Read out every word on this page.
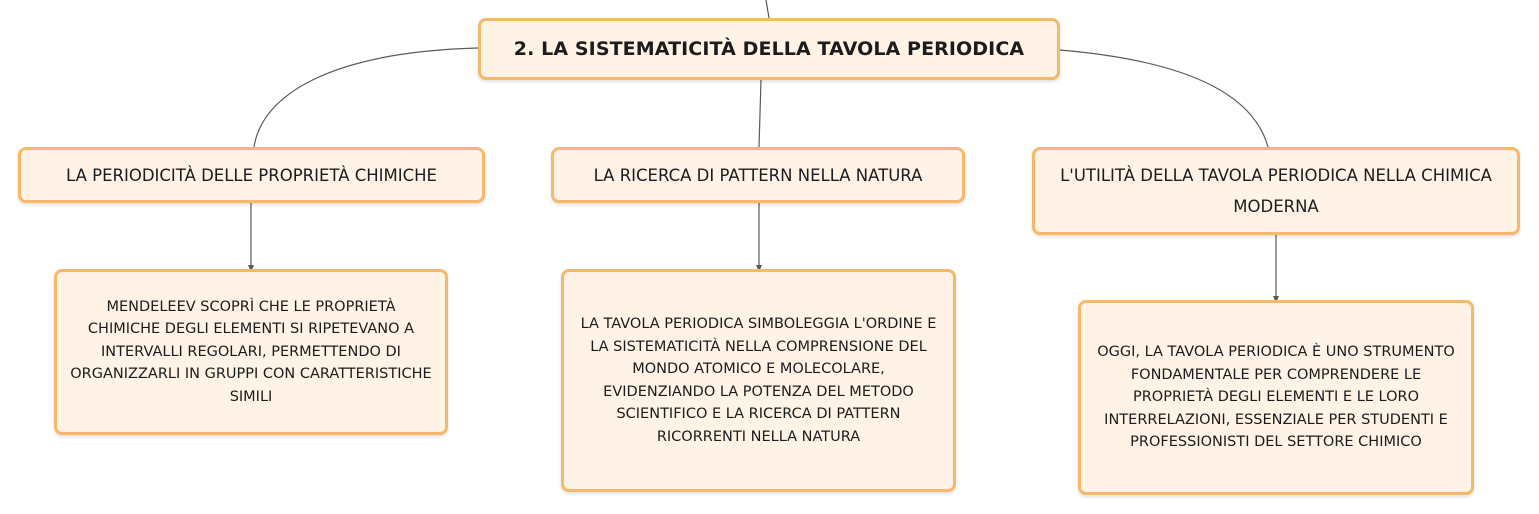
2. LA SISTEMATICITÀ DELLA TAVOLA PERIODICA
LA PERIODICITÀ DELLE PROPRIETÀ CHIMICHE	LA RICERCA DI PATTERN NELLA NATURA	L'UTILITÀ DELLA TAVOLA PERIODICA NELLA CHIMICA MODERNA
MENDELEEV SCOPRÌ CHE LE PROPRIETÀ CHIMICHE DEGLI ELEMENTI SI RIPETEVANO A INTERVALLI REGOLARI, PERMETTENDO DI ORGANIZZARLI IN GRUPPI CON CARATTERISTICHE SIMILI
LA TAVOLA PERIODICA SIMBOLEGGIA L'ORDINE E LA SISTEMATICITÀ NELLA COMPRENSIONE DEL MONDO ATOMICO E MOLECOLARE, EVIDENZIANDO LA POTENZA DEL METODO SCIENTIFICO E LA RICERCA DI PATTERN RICORRENTI NELLA NATURA
OGGI, LA TAVOLA PERIODICA È UNO STRUMENTO FONDAMENTALE PER COMPRENDERE LE PROPRIETÀ DEGLI ELEMENTI E LE LORO INTERRELAZIONI, ESSENZIALE PER STUDENTI E PROFESSIONISTI DEL SETTORE CHIMICO
